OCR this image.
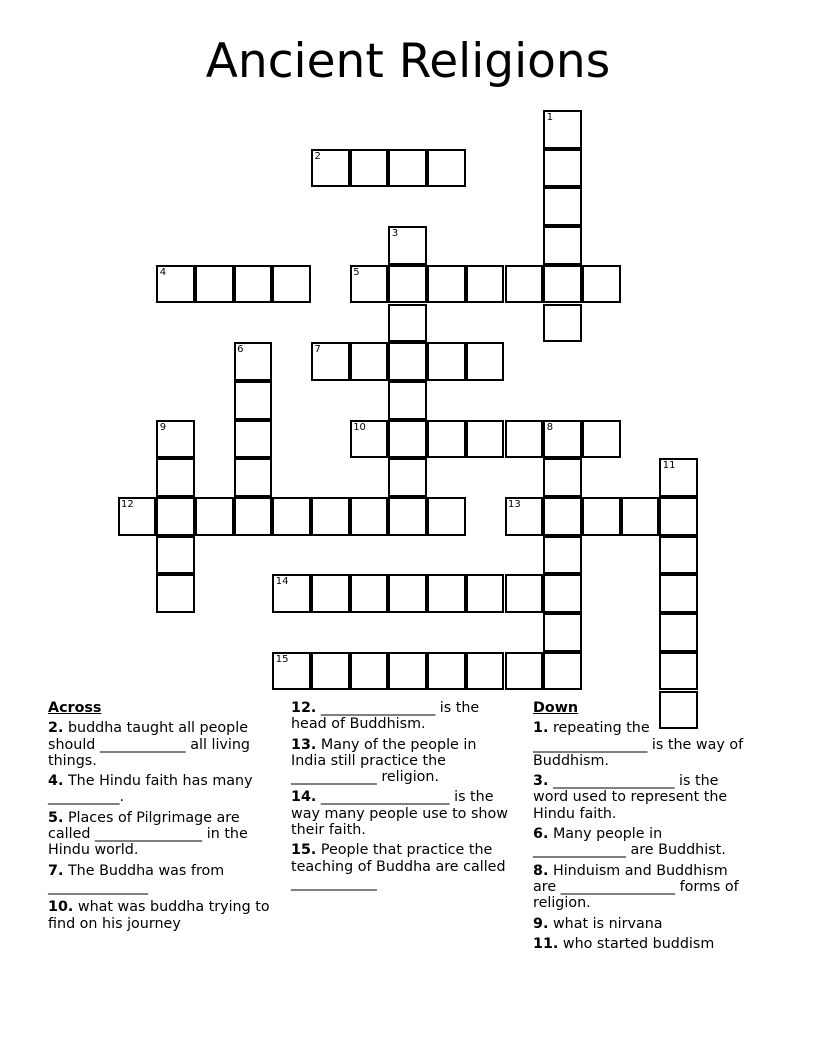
Ancient Religions
1
2
3
4	5
6	7
8
9	10
11
12	13
14
15
Across
2. buddha taught all people should ____________ all living things.
4. The Hindu faith has many __________.
5. Places of Pilgrimage are called _______________ in the Hindu world.
7. The Buddha was from ______________
10. what was buddha trying to find on his journey
12. ________________ is the head of Buddhism.
13. Many of the people in India still practice the ____________ religion.
14. __________________ is the way many people use to show their faith.
15. People that practice the teaching of Buddha are called ____________
Down
1. repeating the ________________ is the way of Buddhism.
3. _________________ is the word used to represent the Hindu faith.
6. Many people in _____________ are Buddhist.
8. Hinduism and Buddhism are ________________ forms of religion.
9. what is nirvana
11. who started buddism
